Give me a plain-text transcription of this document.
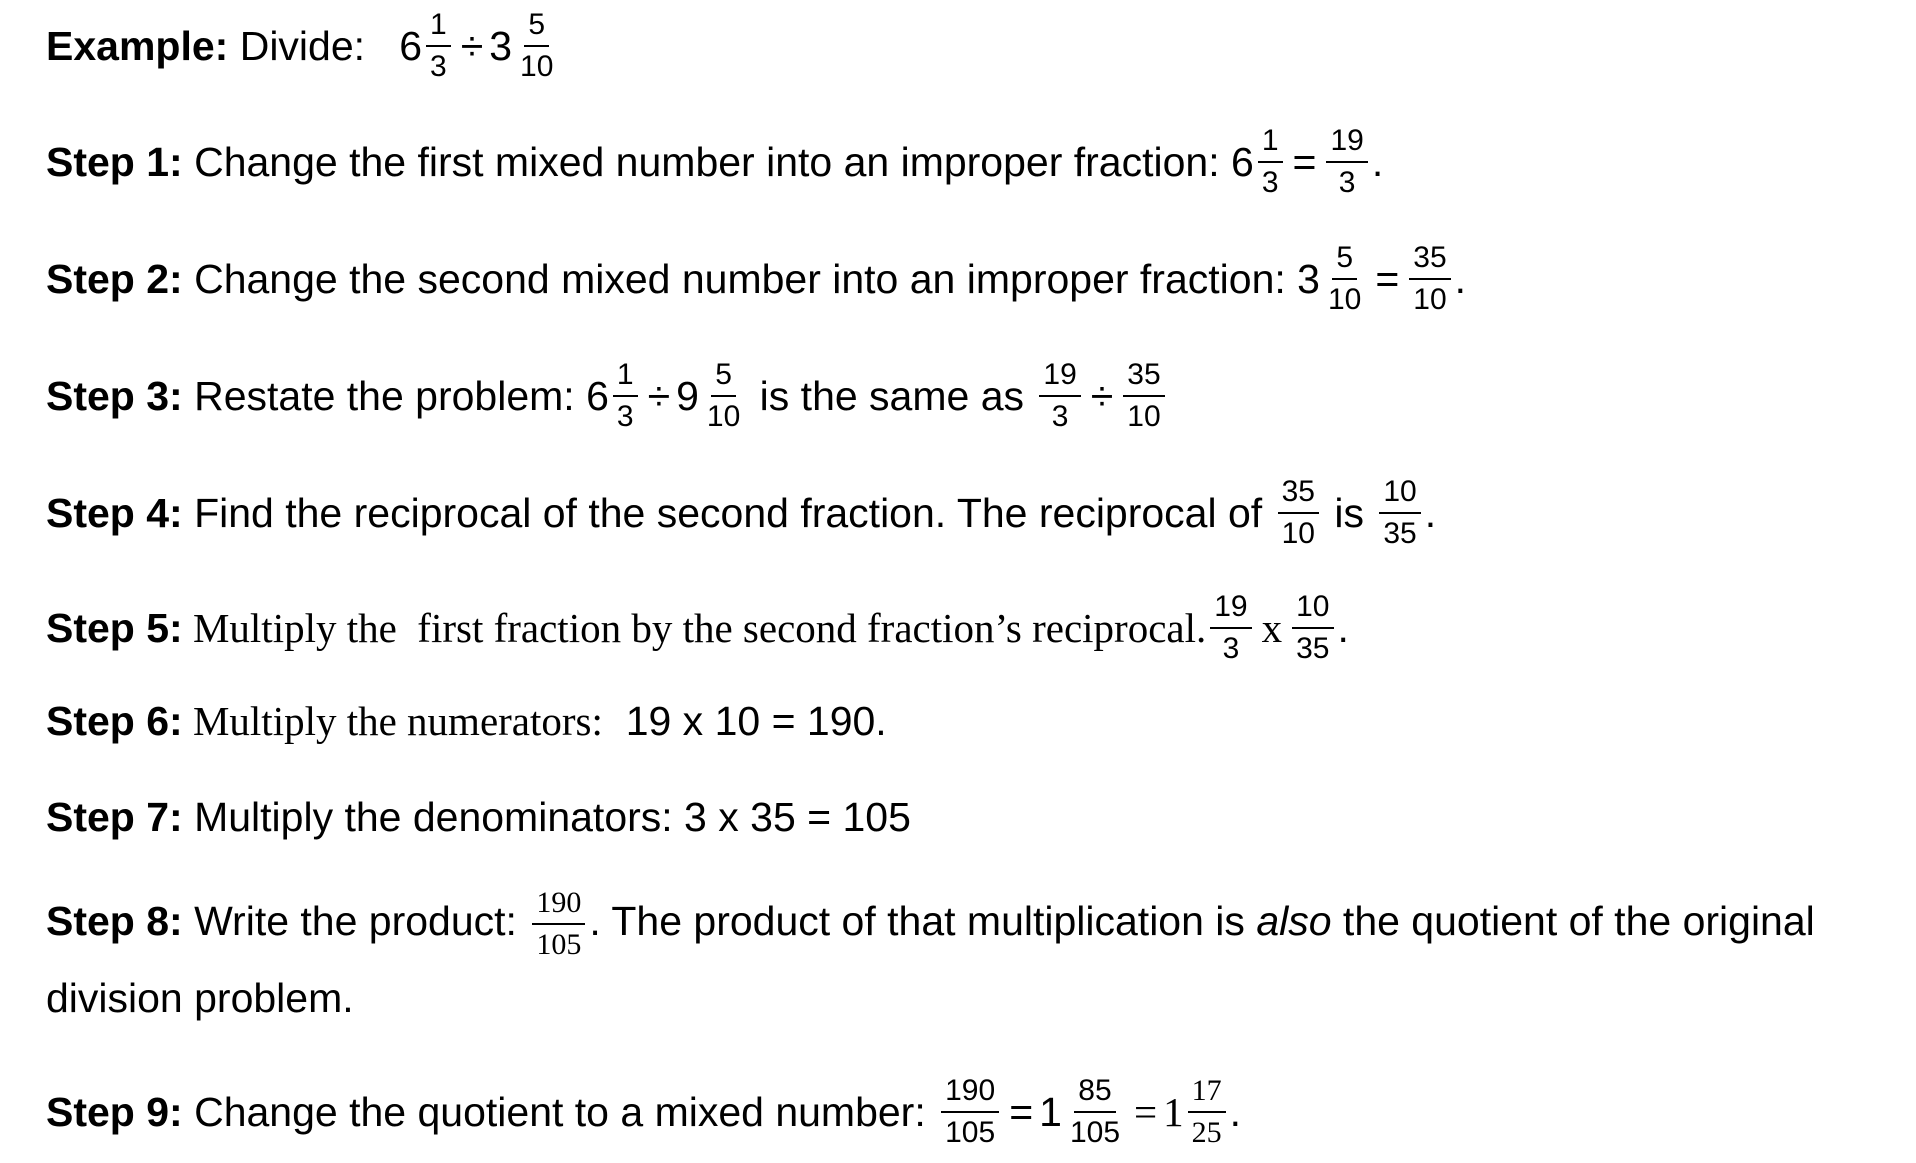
Example: Divide: $6 \frac{1}{3} \div 3 \frac{5}{10}$
Step 1: Change the first mixed number into an improper fraction: $6 \frac{1}{3} = \frac{19}{3}$ .
Step 2: Change the second mixed number into an improper fraction: $3 \frac{5}{10} = \frac{35}{10}$ .
Step 3: Restate the problem: $6 \frac{1}{3} \div 9 \frac{5}{10}$ is the same as $\frac{19}{3} \div \frac{35}{10}$
Step 4: Find the reciprocal of the second fraction. The reciprocal of $\frac{35}{10}$ is $\frac{10}{35}$ .
Step 5: Multiply the  first fraction by the second fraction’s reciprocal. $\frac{19}{3}$ x $\frac{10}{35}$ .
Step 6: Multiply the numerators: 19 x 10 = 190.
Step 7: Multiply the denominators: 3 x 35 = 105
Step 8: Write the product: $\frac{190}{105}$ . The product of that multiplication is also the quotient of the original division problem.
Step 9: Change the quotient to a mixed number: $\frac{190}{105} = 1 \frac{85}{105} = 1 \frac{17}{25}$ .
